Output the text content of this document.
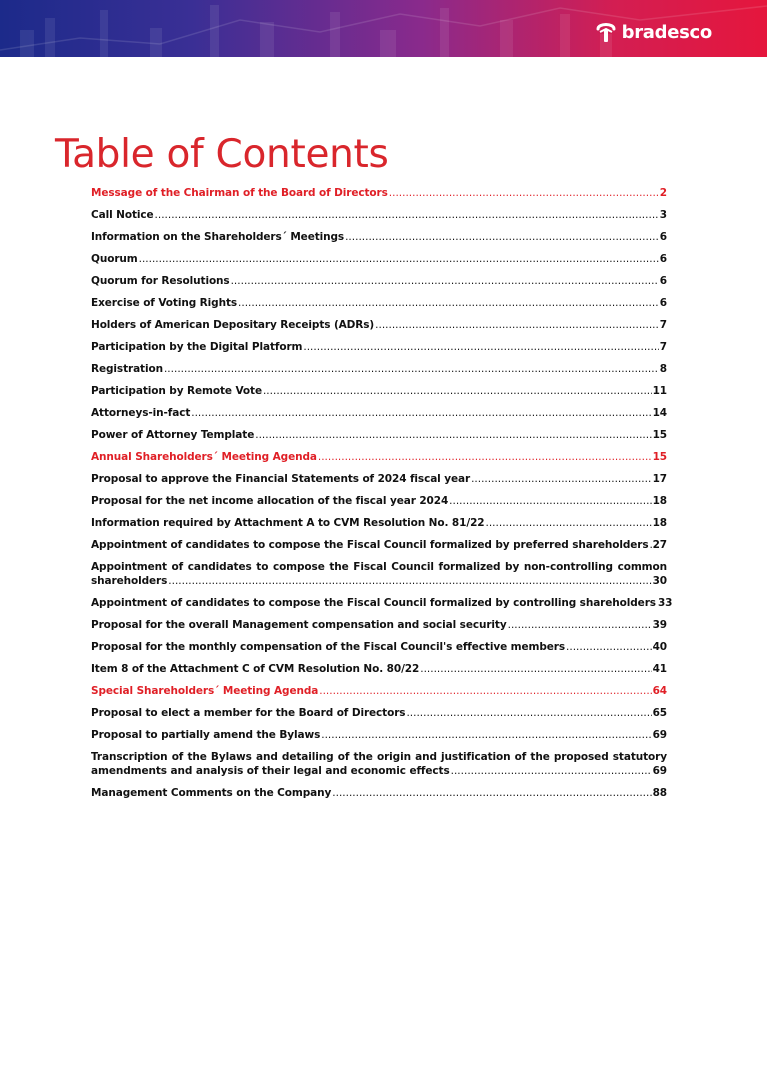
bradesco
Table of Contents
Message of the Chairman of the Board of Directors .....	2
Call Notice .....	3
Information on the Shareholders´ Meetings .....	6
Quorum .....	6
Quorum for Resolutions .....	6
Exercise of Voting Rights .....	6
Holders of American Depositary Receipts (ADRs) .....	7
Participation by the Digital Platform .....	7
Registration .....	8
Participation by Remote Vote .....	11
Attorneys-in-fact .....	14
Power of Attorney Template .....	15
Annual Shareholders´ Meeting Agenda .....	15
Proposal to approve the Financial Statements of 2024 fiscal year .....	17
Proposal for the net income allocation of the fiscal year 2024 .....	18
Information required by Attachment A to CVM Resolution No. 81/22 .....	18
Appointment of candidates to compose the Fiscal Council formalized by preferred shareholders ..... 27
Appointment of candidates to compose the Fiscal Council formalized by non-controlling common
shareholders .....	30
Appointment of candidates to compose the Fiscal Council formalized by controlling shareholders 33
Proposal for the overall Management compensation and social security .....	39
Proposal for the monthly compensation of the Fiscal Council's effective members .....	40
Item 8 of the Attachment C of CVM Resolution No. 80/22 .....	41
Special Shareholders´ Meeting Agenda .....	64
Proposal to elect a member for the Board of Directors .....	65
Proposal to partially amend the Bylaws .....	69
Transcription of the Bylaws and detailing of the origin and justification of the proposed statutory
amendments and analysis of their legal and economic effects .....	69
Management Comments on the Company .....	88
